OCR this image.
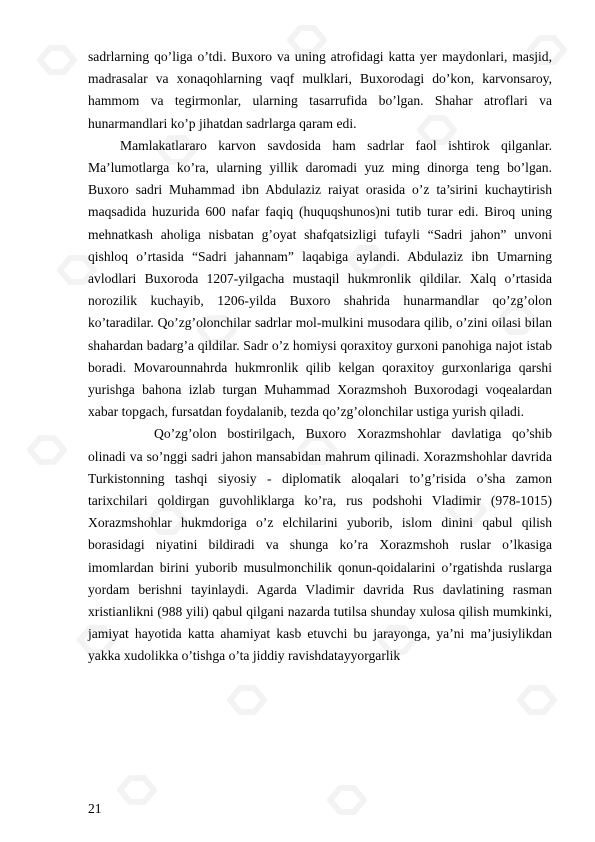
sadrlarning qo’liga o’tdi. Buxoro va uning atrofidagi katta yer maydonlari, masjid, madrasalar va xonaqohlarning vaqf mulklari, Buxorodagi do’kon, karvonsaroy, hammom va tegirmonlar, ularning tasarrufida bo’lgan. Shahar atroflari va hunarmandlari ko’p jihatdan sadrlarga qaram edi.

Mamlakatlararo karvon savdosida ham sadrlar faol ishtirok qilganlar. Ma’lumotlarga ko’ra, ularning yillik daromadi yuz ming dinorga teng bo’lgan. Buxoro sadri Muhammad ibn Abdulaziz raiyat orasida o’z ta’sirini kuchaytirish maqsadida huzurida 600 nafar faqiq (huquqshunos)ni tutib turar edi. Biroq uning mehnatkash aholiga nisbatan g’oyat shafqatsizligi tufayli “Sadri jahon” unvoni qishloq o’rtasida “Sadri jahannam” laqabiga aylandi. Abdulaziz ibn Umarning avlodlari Buxoroda 1207-yilgacha mustaqil hukmronlik qildilar. Xalq o’rtasida norozilik kuchayib, 1206-yilda Buxoro shahrida hunarmandlar qo’zg’olon ko’taradilar. Qo’zg’olonchilar sadrlar mol-mulkini musodara qilib, o’zini oilasi bilan shahardan badarg’a qildilar. Sadr o’z homiysi qoraxitoy gurxoni panohiga najot istab boradi. Movarounnahrda hukmronlik qilib kelgan qoraxitoy gurxonlariga qarshi yurishga bahona izlab turgan Muhammad Xorazmshoh Buxorodagi voqealardan xabar topgach, fursatdan foydalanib, tezda qo’zg’olonchilar ustiga yurish qiladi.

Qo’zg’olon bostirilgach, Buxoro Xorazmshohlar davlatiga qo’shib olinadi va so’nggi sadri jahon mansabidan mahrum qilinadi. Xorazmshohlar davrida Turkistonning tashqi siyosiy - diplomatik aloqalari to’g’risida o’sha zamon tarixchilari qoldirgan guvohliklarga ko’ra, rus podshohi Vladimir (978-1015) Xorazmshohlar hukmdoriga o’z elchilarini yuborib, islom dinini qabul qilish borasidagi niyatini bildiradi va shunga ko’ra Xorazmshoh ruslar o’lkasiga imomlardan birini yuborib musulmonchilik qonun-qoidalarini o’rgatishda ruslarga yordam berishni tayinlaydi. Agarda Vladimir davrida Rus davlatining rasman xristianlikni (988 yili) qabul qilgani nazarda tutilsa shunday xulosa qilish mumkinki, jamiyat hayotida katta ahamiyat kasb etuvchi bu jarayonga, ya’ni ma’jusiylikdan yakka xudolikka o’tishga o’ta jiddiy ravishdatayyorgarlik

21
